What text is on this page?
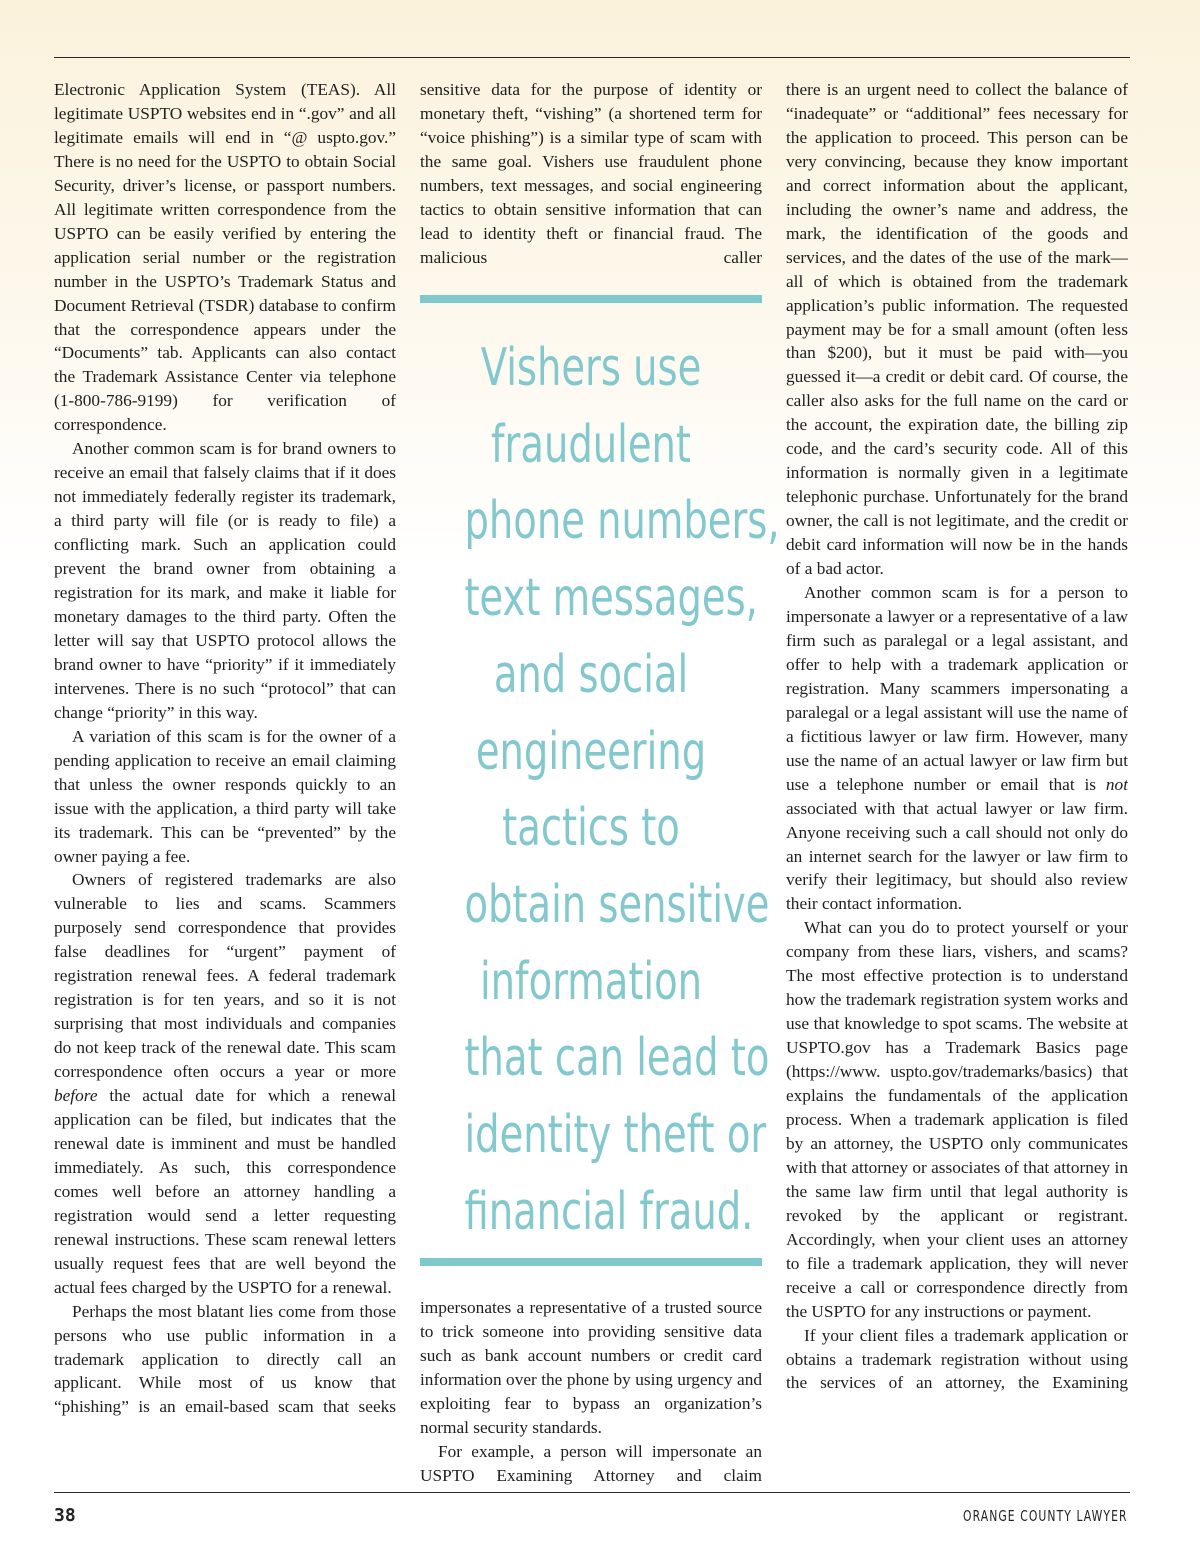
Electronic Application System (TEAS). All legitimate USPTO websites end in “.gov” and all legitimate emails will end in “@ uspto.gov.” There is no need for the USPTO to obtain Social Security, driver’s license, or passport numbers. All legitimate written correspondence from the USPTO can be easily verified by entering the application serial number or the registration number in the USPTO’s Trademark Status and Document Retrieval (TSDR) database to confirm that the correspondence appears under the “Documents” tab. Applicants can also contact the Trademark Assistance Center via telephone (1-800-786-9199) for verification of correspondence.

Another common scam is for brand owners to receive an email that falsely claims that if it does not immediately federally register its trademark, a third party will file (or is ready to file) a conflicting mark. Such an application could prevent the brand owner from obtaining a registration for its mark, and make it liable for monetary damages to the third party. Often the letter will say that USPTO protocol allows the brand owner to have “priority” if it immediately intervenes. There is no such “protocol” that can change “priority” in this way.

A variation of this scam is for the owner of a pending application to receive an email claiming that unless the owner responds quickly to an issue with the application, a third party will take its trademark. This can be “prevented” by the owner paying a fee.

Owners of registered trademarks are also vulnerable to lies and scams. Scammers purposely send correspondence that provides false deadlines for “urgent” payment of registration renewal fees. A federal trademark registration is for ten years, and so it is not surprising that most individuals and companies do not keep track of the renewal date. This scam correspondence often occurs a year or more before the actual date for which a renewal application can be filed, but indicates that the renewal date is imminent and must be handled immediately. As such, this correspondence comes well before an attorney handling a registration would send a letter requesting renewal instructions. These scam renewal letters usually request fees that are well beyond the actual fees charged by the USPTO for a renewal.

Perhaps the most blatant lies come from those persons who use public information in a trademark application to directly call an applicant. While most of us know that “phishing” is an email-based scam that seeks

sensitive data for the purpose of identity or monetary theft, “vishing” (a shortened term for “voice phishing”) is a similar type of scam with the same goal. Vishers use fraudulent phone numbers, text messages, and social engineering tactics to obtain sensitive information that can lead to identity theft or financial fraud. The malicious caller

Vishers use
fraudulent
phone numbers,
text messages,
and social
engineering
tactics to
obtain sensitive
information
that can lead to
identity theft or
financial fraud.

impersonates a representative of a trusted source to trick someone into providing sensitive data such as bank account numbers or credit card information over the phone by using urgency and exploiting fear to bypass an organization’s normal security standards.

For example, a person will impersonate an USPTO Examining Attorney and claim

there is an urgent need to collect the balance of “inadequate” or “additional” fees necessary for the application to proceed. This person can be very convincing, because they know important and correct information about the applicant, including the owner’s name and address, the mark, the identification of the goods and services, and the dates of the use of the mark—all of which is obtained from the trademark application’s public information. The requested payment may be for a small amount (often less than $200), but it must be paid with—you guessed it—a credit or debit card. Of course, the caller also asks for the full name on the card or the account, the expiration date, the billing zip code, and the card’s security code. All of this information is normally given in a legitimate telephonic purchase. Unfortunately for the brand owner, the call is not legitimate, and the credit or debit card information will now be in the hands of a bad actor.

Another common scam is for a person to impersonate a lawyer or a representative of a law firm such as paralegal or a legal assistant, and offer to help with a trademark application or registration. Many scammers impersonating a paralegal or a legal assistant will use the name of a fictitious lawyer or law firm. However, many use the name of an actual lawyer or law firm but use a telephone number or email that is not associated with that actual lawyer or law firm. Anyone receiving such a call should not only do an internet search for the lawyer or law firm to verify their legitimacy, but should also review their contact information.

What can you do to protect yourself or your company from these liars, vishers, and scams? The most effective protection is to understand how the trademark registration system works and use that knowledge to spot scams. The website at USPTO.gov has a Trademark Basics page (https://www. uspto.gov/trademarks/basics) that explains the fundamentals of the application process. When a trademark application is filed by an attorney, the USPTO only communicates with that attorney or associates of that attorney in the same law firm until that legal authority is revoked by the applicant or registrant. Accordingly, when your client uses an attorney to file a trademark application, they will never receive a call or correspondence directly from the USPTO for any instructions or payment.

If your client files a trademark application or obtains a trademark registration without using the services of an attorney, the Examining

38	ORANGE COUNTY LAWYER
